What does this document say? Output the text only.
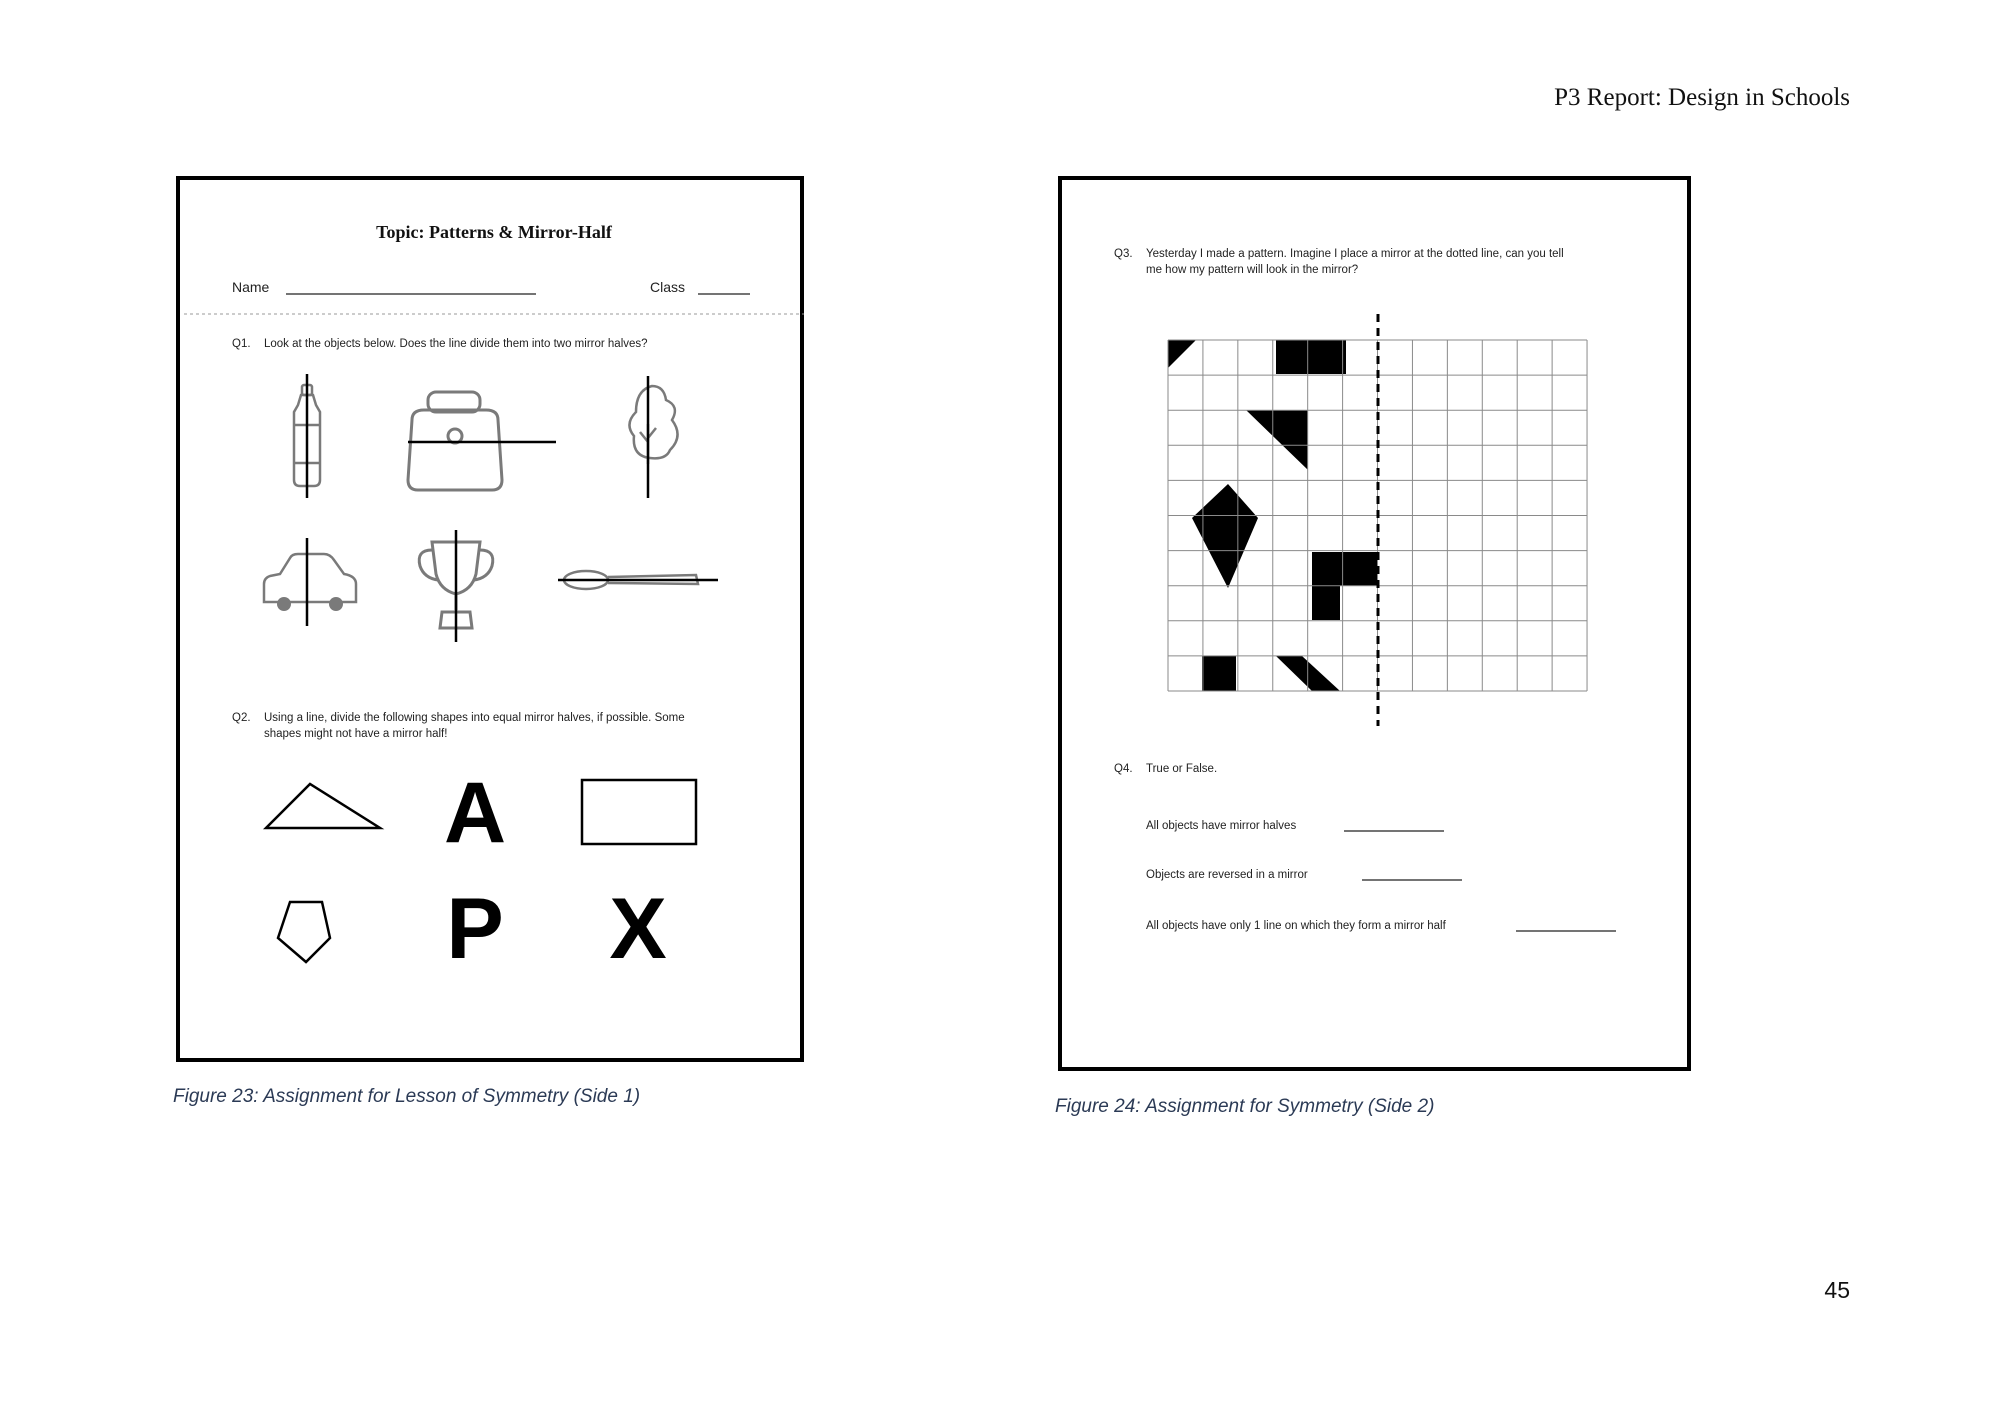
P3 Report: Design in Schools
Topic: Patterns & Mirror-Half
Name	Class
Q1. Look at the objects below. Does the line divide them into two mirror halves?
Q2. Using a line, divide the following shapes into equal mirror halves, if possible. Some
shapes might not have a mirror half!
A
P X
Figure 23: Assignment for Lesson of Symmetry (Side 1)
Q3. Yesterday I made a pattern. Imagine I place a mirror at the dotted line, can you tell
me how my pattern will look in the mirror?
Q4. True or False.
All objects have mirror halves
Objects are reversed in a mirror
All objects have only 1 line on which they form a mirror half
Figure 24: Assignment for Symmetry (Side 2)
45
